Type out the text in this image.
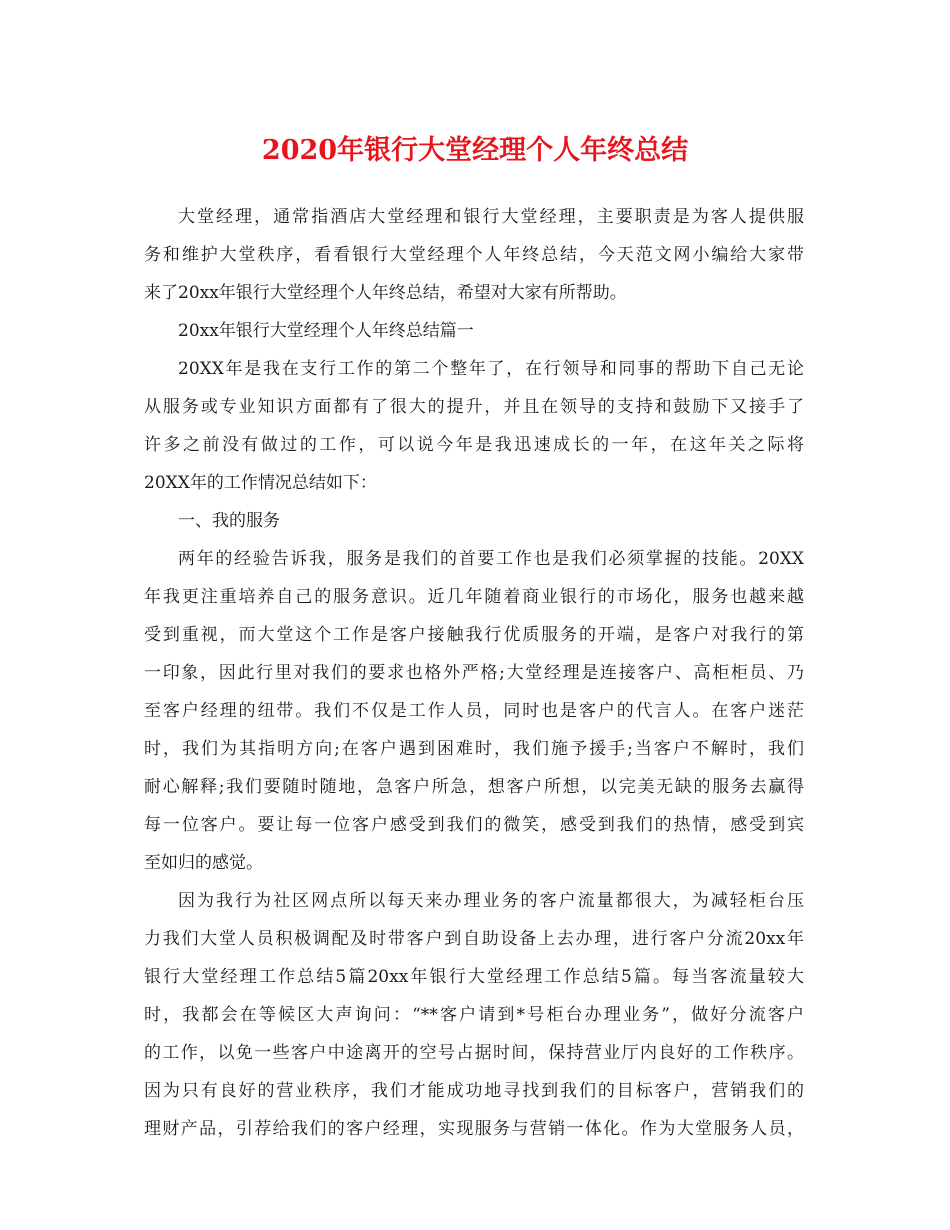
2020年银行大堂经理个人年终总结

大堂经理，通常指酒店大堂经理和银行大堂经理，主要职责是为客人提供服

务和维护大堂秩序，看看银行大堂经理个人年终总结，今天范文网小编给大家带

来了20xx年银行大堂经理个人年终总结，希望对大家有所帮助。

20xx年银行大堂经理个人年终总结篇一

20XX年是我在支行工作的第二个整年了，在行领导和同事的帮助下自己无论

从服务或专业知识方面都有了很大的提升，并且在领导的支持和鼓励下又接手了

许多之前没有做过的工作，可以说今年是我迅速成长的一年，在这年关之际将

20XX年的工作情况总结如下：

一、我的服务

两年的经验告诉我，服务是我们的首要工作也是我们必须掌握的技能。20XX

年我更注重培养自己的服务意识。近几年随着商业银行的市场化，服务也越来越

受到重视，而大堂这个工作是客户接触我行优质服务的开端，是客户对我行的第

一印象，因此行里对我们的要求也格外严格;大堂经理是连接客户、高柜柜员、乃

至客户经理的纽带。我们不仅是工作人员，同时也是客户的代言人。在客户迷茫

时，我们为其指明方向;在客户遇到困难时，我们施予援手;当客户不解时，我们

耐心解释;我们要随时随地，急客户所急，想客户所想，以完美无缺的服务去赢得

每一位客户。要让每一位客户感受到我们的微笑，感受到我们的热情，感受到宾

至如归的感觉。

因为我行为社区网点所以每天来办理业务的客户流量都很大，为减轻柜台压

力我们大堂人员积极调配及时带客户到自助设备上去办理，进行客户分流20xx年

银行大堂经理工作总结5篇20xx年银行大堂经理工作总结5篇。每当客流量较大

时，我都会在等候区大声询问：“**客户请到*号柜台办理业务”，做好分流客户

的工作，以免一些客户中途离开的空号占据时间，保持营业厅内良好的工作秩序。

因为只有良好的营业秩序，我们才能成功地寻找到我们的目标客户，营销我们的

理财产品，引荐给我们的客户经理，实现服务与营销一体化。作为大堂服务人员，
